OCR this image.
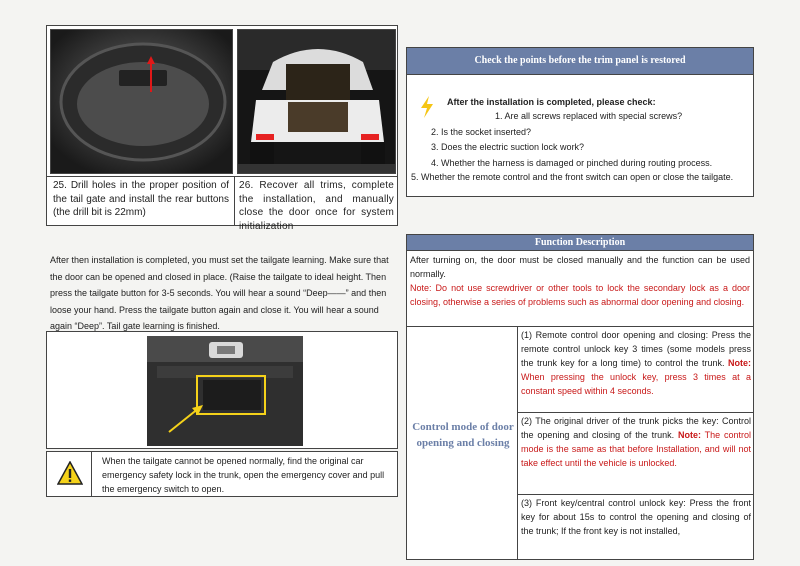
25. Drill holes in the proper position of the tail gate and install the rear buttons (the drill bit is 22mm)
26. Recover all trims, complete the installation, and manually close the door once for system initialization
After then installation is completed, you must set the tailgate learning. Make sure that the door can be opened and closed in place. (Raise the tailgate to ideal height. Then press the tailgate button for 3-5 seconds. You will hear a sound “Deep——” and then loose your hand. Press the tailgate button again and close it. You will hear a sound again “Deep”. Tail gate learning is finished.
When the tailgate cannot be opened normally, find the original car emergency safety lock in the trunk, open the emergency cover and pull the emergency switch to open.
Check the points before the trim panel is restored
After the installation is completed, please check:
1. Are all screws replaced with special screws?
2. Is the socket inserted?
3. Does the electric suction lock work?
4. Whether the harness is damaged or pinched during routing process.
5. Whether the remote control and the front switch can open or close the tailgate.
Function Description
After turning on, the door must be closed manually and the function can be used normally.
Note: Do not use screwdriver or other tools to lock the secondary lock as a door closing, otherwise a series of problems such as abnormal door opening and closing.
Control mode of door opening and closing
(1) Remote control door opening and closing: Press the remote control unlock key 3 times (some models press the trunk key for a long time) to control the trunk. Note: When pressing the unlock key, press 3 times at a constant speed within 4 seconds.
(2) The original driver of the trunk picks the key: Control the opening and closing of the trunk. Note: The control mode is the same as that before Installation, and will not take effect until the vehicle is unlocked.
(3) Front key/central control unlock key: Press the front key for about 15s to control the opening and closing of the trunk; If the front key is not installed,
